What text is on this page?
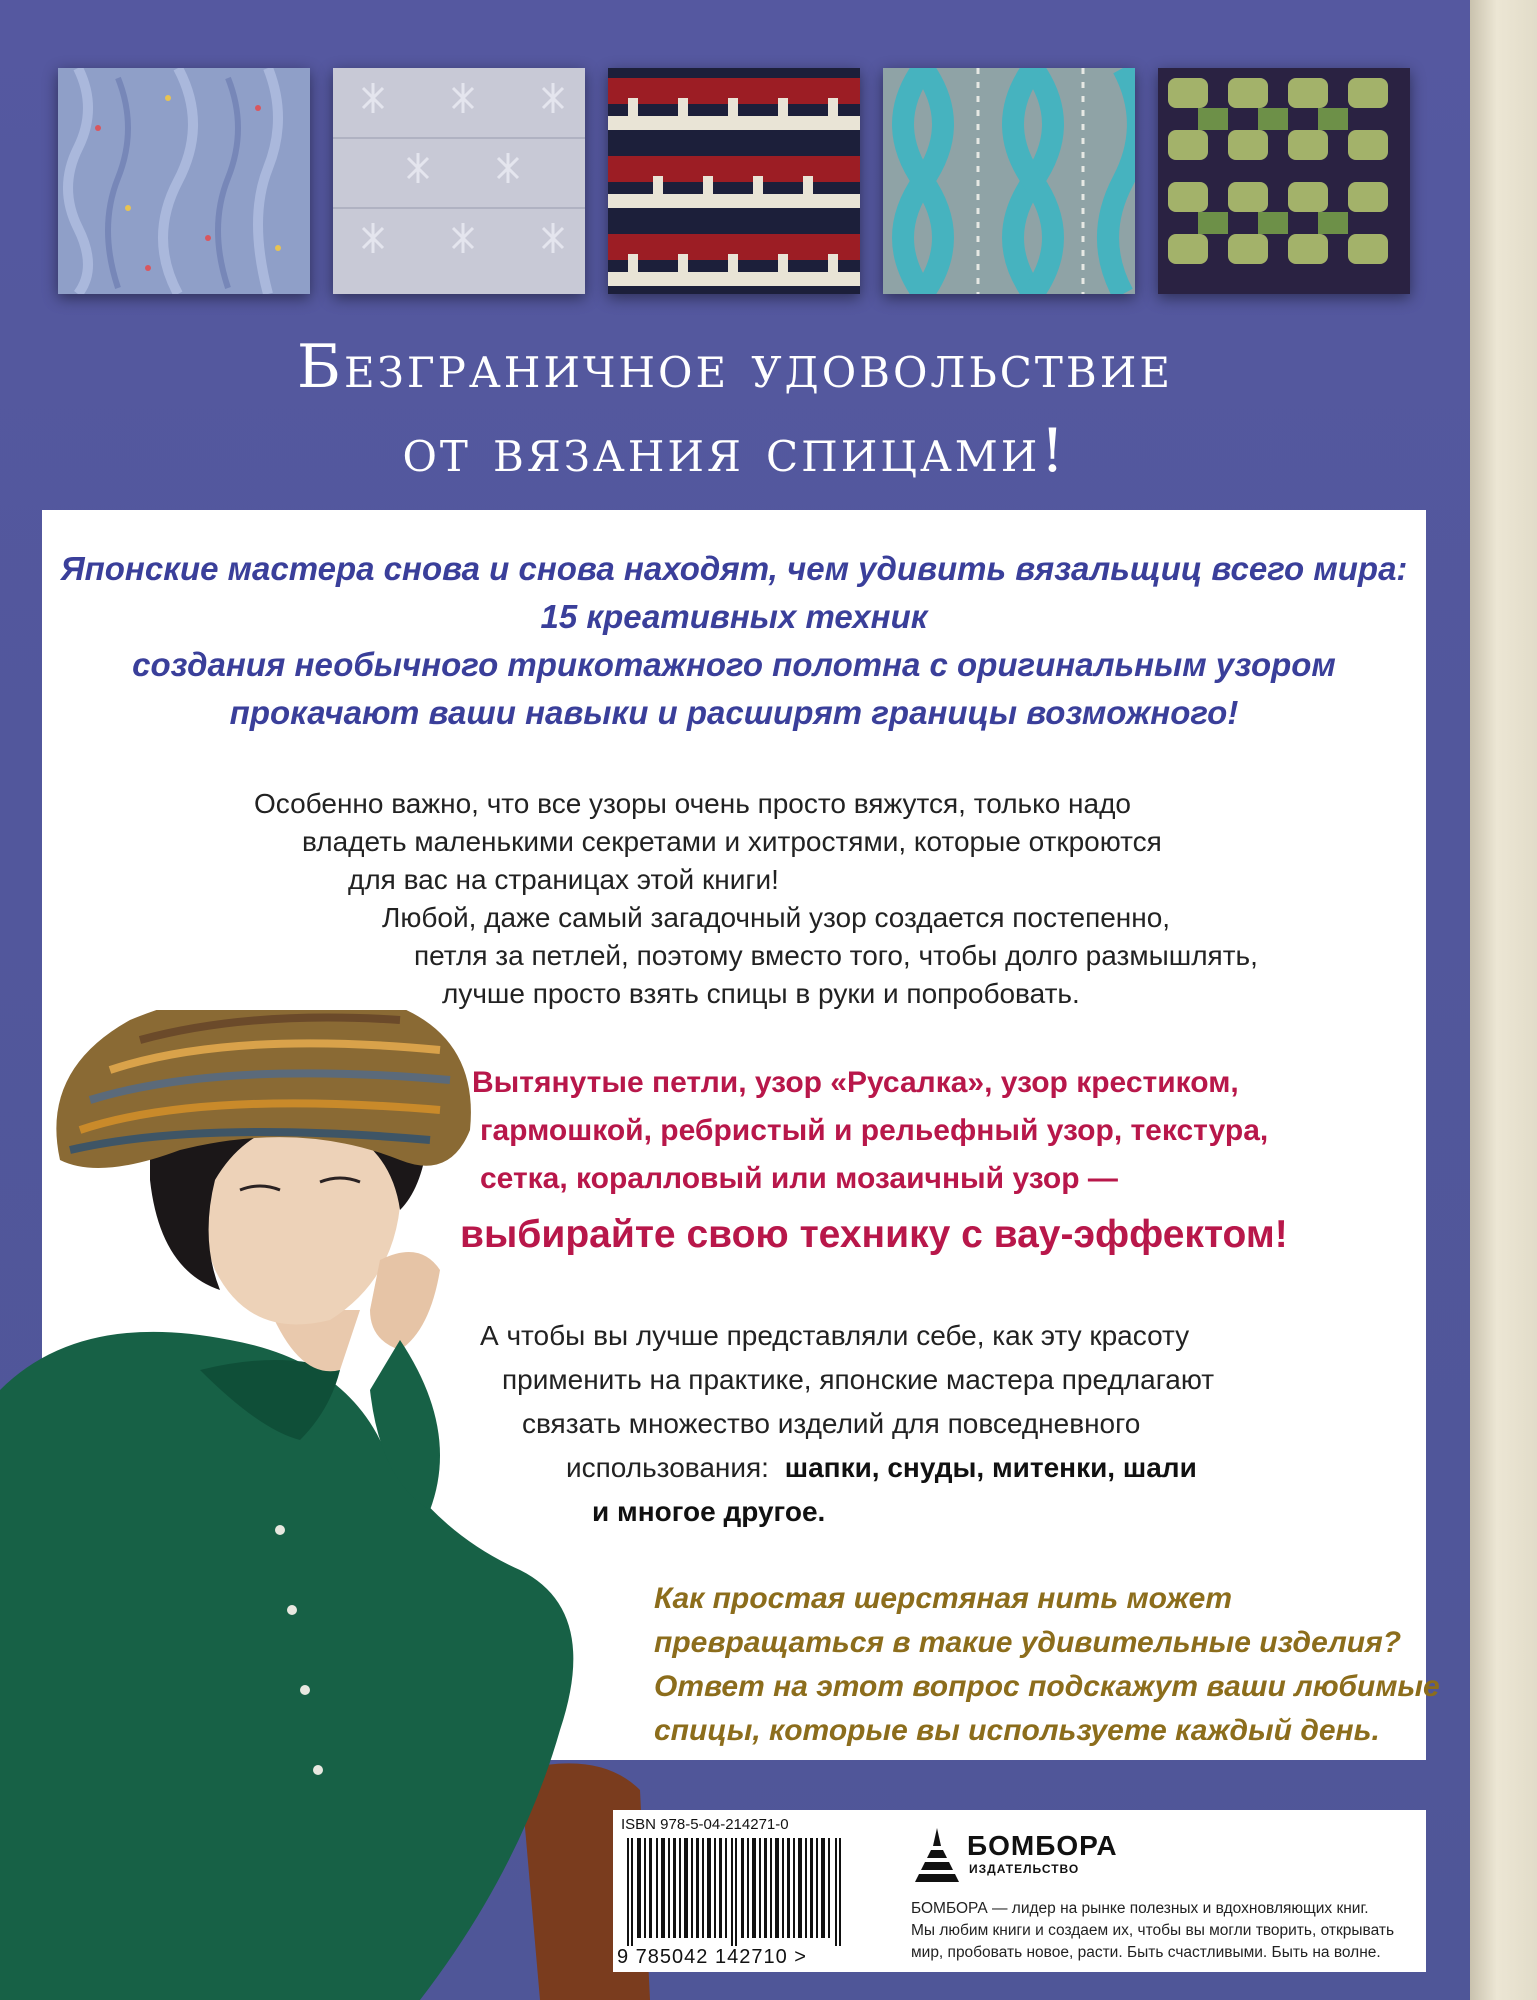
Безграничное удовольствие
от вязания спицами!
Японские мастера снова и снова находят, чем удивить вязальщиц всего мира:
15 креативных техник
создания необычного трикотажного полотна с оригинальным узором
прокачают ваши навыки и расширят границы возможного!
Особенно важно, что все узоры очень просто вяжутся, только надо
владеть маленькими секретами и хитростями, которые откроются
для вас на страницах этой книги!
Любой, даже самый загадочный узор создается постепенно,
петля за петлей, поэтому вместо того, чтобы долго размышлять,
лучше просто взять спицы в руки и попробовать.
Вытянутые петли, узор «Русалка», узор крестиком,
гармошкой, ребристый и рельефный узор, текстура,
сетка, коралловый или мозаичный узор —
выбирайте свою технику с вау-эффектом!
А чтобы вы лучше представляли себе, как эту красоту
применить на практике, японские мастера предлагают
связать множество изделий для повседневного
использования: шапки, снуды, митенки, шали
и многое другое.
Как простая шерстяная нить может
превращаться в такие удивительные изделия?
Ответ на этот вопрос подскажут ваши любимые
спицы, которые вы используете каждый день.
ISBN 978-5-04-214271-0
9 785042 142710 >
БОМБОРА
ИЗДАТЕЛЬСТВО
БОМБОРА — лидер на рынке полезных и вдохновляющих книг.
Мы любим книги и создаем их, чтобы вы могли творить, открывать
мир, пробовать новое, расти. Быть счастливыми. Быть на волне.
